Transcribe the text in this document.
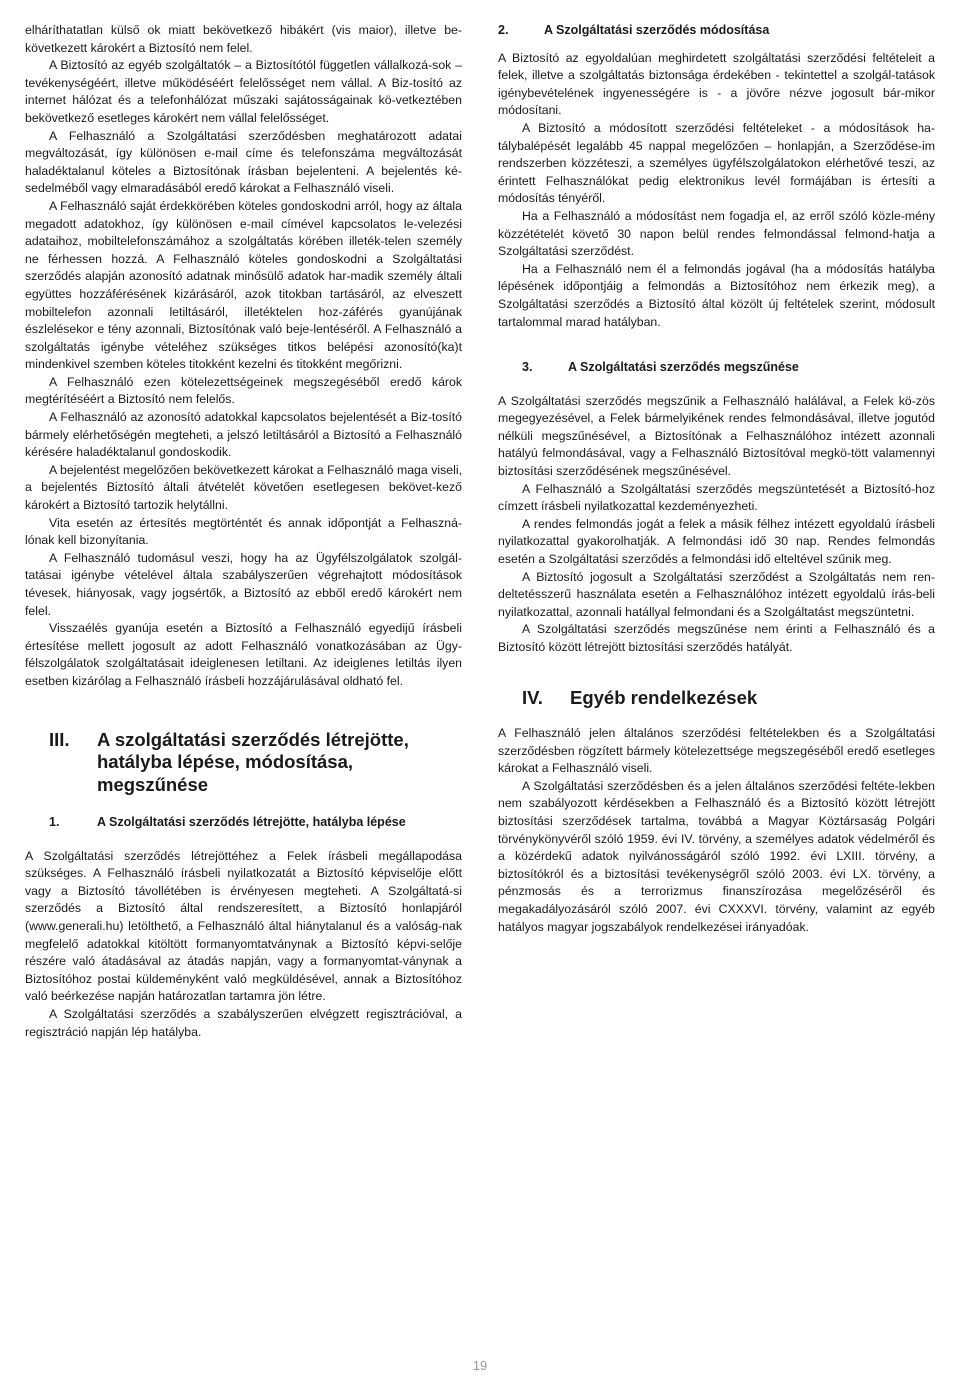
elháríthatatlan külső ok miatt bekövetkező hibákért (vis maior), illetve be-következett károkért a Biztosító nem felel.

A Biztosító az egyéb szolgáltatók – a Biztosítótól független vállalkozá-sok – tevékenységéért, illetve működéséért felelősséget nem vállal. A Biz-tosító az internet hálózat és a telefonhálózat műszaki sajátosságainak kö-vetkeztében bekövetkező esetleges károkért nem vállal felelősséget.

A Felhasználó a Szolgáltatási szerződésben meghatározott adatai megváltozását, így különösen e-mail címe és telefonszáma megváltozását haladéktalanul köteles a Biztosítónak írásban bejelenteni. A bejelentés ké-sedelméből vagy elmaradásából eredő károkat a Felhasználó viseli.

A Felhasználó saját érdekkörében köteles gondoskodni arról, hogy az általa megadott adatokhoz, így különösen e-mail címével kapcsolatos le-velezési adataihoz, mobiltelefonszámához a szolgáltatás körében illeték-telen személy ne férhessen hozzá. A Felhasználó köteles gondoskodni a Szolgáltatási szerződés alapján azonosító adatnak minősülő adatok har-madik személy általi együttes hozzáférésének kizárásáról, azok titokban tartásáról, az elveszett mobiltelefon azonnali letiltásáról, illetéktelen hoz-záférés gyanújának észlelésekor e tény azonnali, Biztosítónak való beje-lentéséről. A Felhasználó a szolgáltatás igénybe vételéhez szükséges titkos belépési azonosító(ka)t mindenkivel szemben köteles titokként kezelni és titokként megőrizni.

A Felhasználó ezen kötelezettségeinek megszegéséből eredő károk megtérítéséért a Biztosító nem felelős.

A Felhasználó az azonosító adatokkal kapcsolatos bejelentését a Biz-tosító bármely elérhetőségén megteheti, a jelszó letiltásáról a Biztosító a Felhasználó kérésére haladéktalanul gondoskodik.

A bejelentést megelőzően bekövetkezett károkat a Felhasználó maga viseli, a bejelentés Biztosító általi átvételét követően esetlegesen bekövet-kező károkért a Biztosító tartozik helytállni.

Vita esetén az értesítés megtörténtét és annak időpontját a Felhaszná-lónak kell bizonyítania.

A Felhasználó tudomásul veszi, hogy ha az Ügyfélszolgálatok szolgál-tatásai igénybe vételével általa szabályszerűen végrehajtott módosítások tévesek, hiányosak, vagy jogsértők, a Biztosító az ebből eredő károkért nem felel.

Visszaélés gyanúja esetén a Biztosító a Felhasználó egyedijű írásbeli értesítése mellett jogosult az adott Felhasználó vonatkozásában az Ügy-félszolgálatok szolgáltatásait ideiglenesen letiltani. Az ideiglenes letiltás ilyen esetben kizárólag a Felhasználó írásbeli hozzájárulásával oldható fel.

III.	A szolgáltatási szerződés létrejötte, hatályba lépése, módosítása, megszűnése
1.	A Szolgáltatási szerződés létrejötte, hatályba lépése

A Szolgáltatási szerződés létrejöttéhez a Felek írásbeli megállapodása szükséges. A Felhasználó írásbeli nyilatkozatát a Biztosító képviselője előtt vagy a Biztosító távollétében is érvényesen megteheti. A Szolgáltatá-si szerződés a Biztosító által rendszeresített, a Biztosító honlapjáról (www.generali.hu) letölthető, a Felhasználó által hiánytalanul és a valóság-nak megfelelő adatokkal kitöltött formanyomtatványnak a Biztosító képvi-selője részére való átadásával az átadás napján, vagy a formanyomtat-ványnak a Biztosítóhoz postai küldeményként való megküldésével, annak a Biztosítóhoz való beérkezése napján határozatlan tartamra jön létre.

A Szolgáltatási szerződés a szabályszerűen elvégzett regisztrációval, a regisztráció napján lép hatályba.

2.	A Szolgáltatási szerződés módosítása

A Biztosító az egyoldalúan meghirdetett szolgáltatási szerződési feltételeit a felek, illetve a szolgáltatás biztonsága érdekében - tekintettel a szolgál-tatások igénybevételének ingyenességére is - a jövőre nézve jogosult bár-mikor módosítani.

A Biztosító a módosított szerződési feltételeket - a módosítások ha-tálybalépését legalább 45 nappal megelőzően – honlapján, a Szerződése-im rendszerben közzéteszi, a személyes ügyfélszolgálatokon elérhetővé teszi, az érintett Felhasználókat pedig elektronikus levél formájában is értesíti a módosítás tényéről.

Ha a Felhasználó a módosítást nem fogadja el, az erről szóló közle-mény közzétételét követő 30 napon belül rendes felmondással felmond-hatja a Szolgáltatási szerződést.

Ha a Felhasználó nem él a felmondás jogával (ha a módosítás hatályba lépésének időpontjáig a felmondás a Biztosítóhoz nem érkezik meg), a Szolgáltatási szerződés a Biztosító által közölt új feltételek szerint, módosult tartalommal marad hatályban.

3.	A Szolgáltatási szerződés megszűnése

A Szolgáltatási szerződés megszűnik a Felhasználó halálával, a Felek kö-zös megegyezésével, a Felek bármelyikének rendes felmondásával, illetve jogutód nélküli megszűnésével, a Biztosítónak a Felhasználóhoz intézett azonnali hatályú felmondásával, vagy a Felhasználó Biztosítóval megkö-tött valamennyi biztosítási szerződésének megszűnésével.

A Felhasználó a Szolgáltatási szerződés megszüntetését a Biztosító-hoz címzett írásbeli nyilatkozattal kezdeményezheti.

A rendes felmondás jogát a felek a másik félhez intézett egyoldalú írásbeli nyilatkozattal gyakorolhatják. A felmondási idő 30 nap. Rendes felmondás esetén a Szolgáltatási szerződés a felmondási idő elteltével szűnik meg.

A Biztosító jogosult a Szolgáltatási szerződést a Szolgáltatás nem ren-deltetésszerű használata esetén a Felhasználóhoz intézett egyoldalú írás-beli nyilatkozattal, azonnali hatállyal felmondani és a Szolgáltatást megszüntetni.

A Szolgáltatási szerződés megszűnése nem érinti a Felhasználó és a Biztosító között létrejött biztosítási szerződés hatályát.

IV.	Egyéb rendelkezések

A Felhasználó jelen általános szerződési feltételekben és a Szolgáltatási szerződésben rögzített bármely kötelezettsége megszegéséből eredő esetleges károkat a Felhasználó viseli.

A Szolgáltatási szerződésben és a jelen általános szerződési feltéte-lekben nem szabályozott kérdésekben a Felhasználó és a Biztosító között létrejött biztosítási szerződések tartalma, továbbá a Magyar Köztársaság Polgári törvénykönyvéről szóló 1959. évi IV. törvény, a személyes adatok védelméről és a közérdekű adatok nyilvánosságáról szóló 1992. évi LXIII. törvény, a biztosítókról és a biztosítási tevékenységről szóló 2003. évi LX. törvény, a pénzmosás és a terrorizmus finanszírozása megelőzéséről és megakadályozásáról szóló 2007. évi CXXXVI. törvény, valamint az egyéb hatályos magyar jogszabályok rendelkezései irányadóak.

19
